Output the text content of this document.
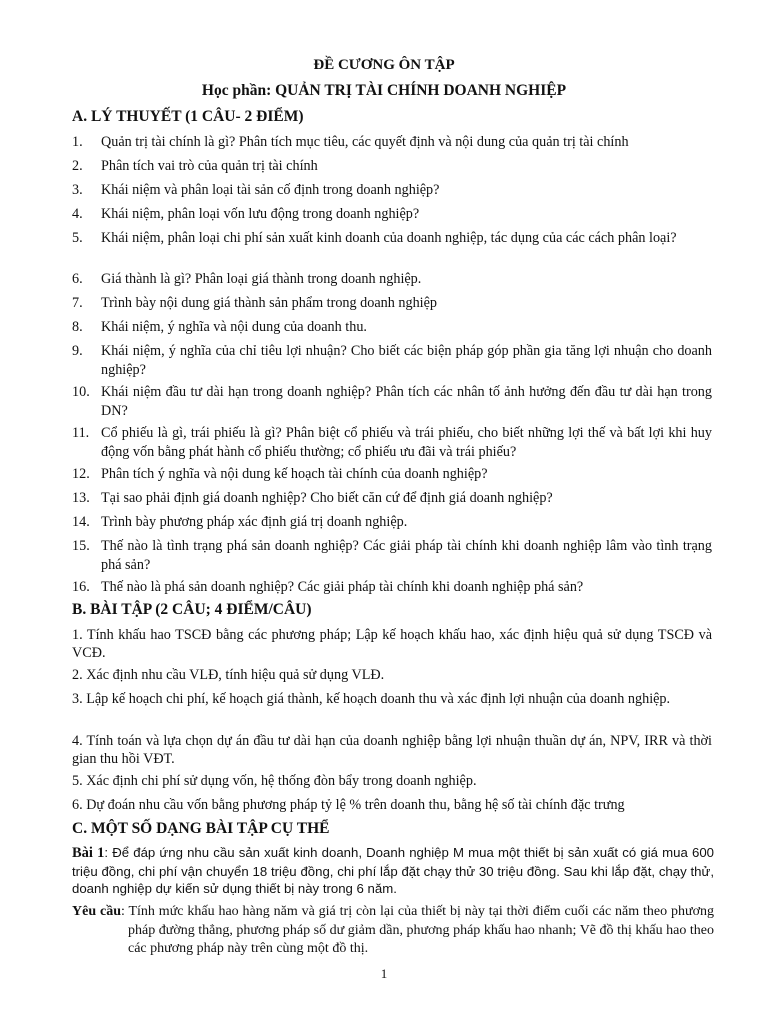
ĐỀ CƯƠNG ÔN TẬP
Học phần: QUẢN TRỊ TÀI CHÍNH DOANH NGHIỆP
A. LÝ THUYẾT (1 CÂU- 2 ĐIỂM)
1. Quản trị tài chính là gì? Phân tích mục tiêu, các quyết định và nội dung của quản trị tài chính
2. Phân tích vai trò của quản trị tài chính
3. Khái niệm và phân loại tài sản cố định trong doanh nghiệp?
4. Khái niệm, phân loại vốn lưu động trong doanh nghiệp?
5. Khái niệm, phân loại chi phí sản xuất kinh doanh của doanh nghiệp, tác dụng của các cách phân loại?
6. Giá thành là gì? Phân loại giá thành trong doanh nghiệp.
7. Trình bày nội dung giá thành sản phẩm trong doanh nghiệp
8. Khái niệm, ý nghĩa và nội dung của doanh thu.
9. Khái niệm, ý nghĩa của chỉ tiêu lợi nhuận? Cho biết các biện pháp góp phần gia tăng lợi nhuận cho doanh nghiệp?
10. Khái niệm đầu tư dài hạn trong doanh nghiệp? Phân tích các nhân tố ảnh hưởng đến đầu tư dài hạn trong DN?
11. Cổ phiếu là gì, trái phiếu là gì? Phân biệt cổ phiếu và trái phiếu, cho biết những lợi thế và bất lợi khi huy động vốn bằng phát hành cổ phiếu thường; cổ phiếu ưu đãi và trái phiếu?
12. Phân tích ý nghĩa và nội dung kế hoạch tài chính của doanh nghiệp?
13. Tại sao phải định giá doanh nghiệp? Cho biết căn cứ để định giá doanh nghiệp?
14. Trình bày phương pháp xác định giá trị doanh nghiệp.
15. Thế nào là tình trạng phá sản doanh nghiệp? Các giải pháp tài chính khi doanh nghiệp lâm vào tình trạng phá sản?
16. Thế nào là phá sản doanh nghiệp? Các giải pháp tài chính khi doanh nghiệp phá sản?
B. BÀI TẬP (2 CÂU; 4 ĐIỂM/CÂU)
1. Tính khấu hao TSCĐ bằng các phương pháp; Lập kế hoạch khấu hao, xác định hiệu quả sử dụng TSCĐ và VCĐ.
2. Xác định nhu cầu VLĐ, tính hiệu quả sử dụng VLĐ.
3. Lập kế hoạch chi phí, kế hoạch giá thành, kế hoạch doanh thu và xác định lợi nhuận của doanh nghiệp.
4. Tính toán và lựa chọn dự án đầu tư dài hạn của doanh nghiệp bằng lợi nhuận thuần dự án, NPV, IRR và thời gian thu hồi VĐT.
5. Xác định chi phí sử dụng vốn, hệ thống đòn bẩy trong doanh nghiệp.
6. Dự đoán nhu cầu vốn bằng phương pháp tỷ lệ % trên doanh thu, bằng hệ số tài chính đặc trưng
C. MỘT SỐ DẠNG BÀI TẬP CỤ THỂ
Bài 1: Để đáp ứng nhu cầu sản xuất kinh doanh, Doanh nghiệp M mua một thiết bị sản xuất có giá mua 600 triệu đồng, chi phí vận chuyển 18 triệu đồng, chi phí lắp đặt chạy thử 30 triệu đồng. Sau khi lắp đặt, chạy thử, doanh nghiệp dự kiến sử dụng thiết bị này trong 6 năm.
Yêu cầu: Tính mức khấu hao hàng năm và giá trị còn lại của thiết bị này tại thời điểm cuối các năm theo phương pháp đường thẳng, phương pháp số dư giảm dần, phương pháp khấu hao nhanh; Vẽ đồ thị khấu hao theo các phương pháp này trên cùng một đồ thị.
1
